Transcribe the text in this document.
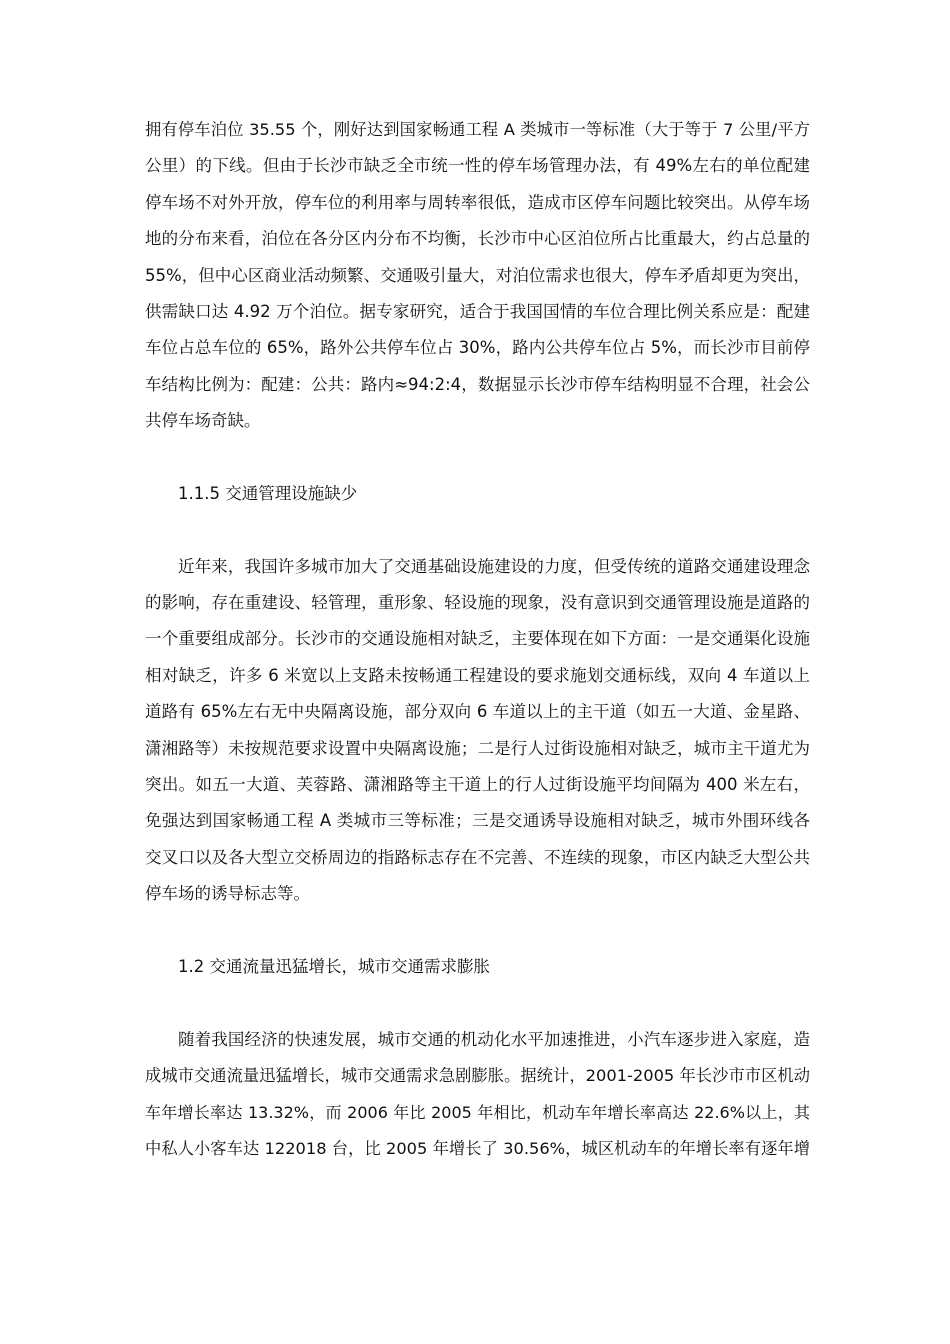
拥有停车泊位 35.55 个，刚好达到国家畅通工程 A 类城市一等标准（大于等于 7 公里/平方
公里）的下线。但由于长沙市缺乏全市统一性的停车场管理办法，有 49%左右的单位配建
停车场不对外开放，停车位的利用率与周转率很低，造成市区停车问题比较突出。从停车场
地的分布来看，泊位在各分区内分布不均衡，长沙市中心区泊位所占比重最大，约占总量的
55%，但中心区商业活动频繁、交通吸引量大，对泊位需求也很大，停车矛盾却更为突出，
供需缺口达 4.92 万个泊位。据专家研究，适合于我国国情的车位合理比例关系应是：配建
车位占总车位的 65%，路外公共停车位占 30%，路内公共停车位占 5%，而长沙市目前停
车结构比例为：配建：公共：路内≈94:2:4，数据显示长沙市停车结构明显不合理，社会公
共停车场奇缺。
1.1.5 交通管理设施缺少
近年来，我国许多城市加大了交通基础设施建设的力度，但受传统的道路交通建设理念
的影响，存在重建设、轻管理，重形象、轻设施的现象，没有意识到交通管理设施是道路的
一个重要组成部分。长沙市的交通设施相对缺乏，主要体现在如下方面：一是交通渠化设施
相对缺乏，许多 6 米宽以上支路未按畅通工程建设的要求施划交通标线，双向 4 车道以上
道路有 65%左右无中央隔离设施，部分双向 6 车道以上的主干道（如五一大道、金星路、
潇湘路等）未按规范要求设置中央隔离设施；二是行人过街设施相对缺乏，城市主干道尤为
突出。如五一大道、芙蓉路、潇湘路等主干道上的行人过街设施平均间隔为 400 米左右，
免强达到国家畅通工程 A 类城市三等标准；三是交通诱导设施相对缺乏，城市外围环线各
交叉口以及各大型立交桥周边的指路标志存在不完善、不连续的现象，市区内缺乏大型公共
停车场的诱导标志等。
1.2 交通流量迅猛增长，城市交通需求膨胀
随着我国经济的快速发展，城市交通的机动化水平加速推进，小汽车逐步进入家庭，造
成城市交通流量迅猛增长，城市交通需求急剧膨胀。据统计，2001-2005 年长沙市市区机动
车年增长率达 13.32%，而 2006 年比 2005 年相比，机动车年增长率高达 22.6%以上，其
中私人小客车达 122018 台，比 2005 年增长了 30.56%，城区机动车的年增长率有逐年增
